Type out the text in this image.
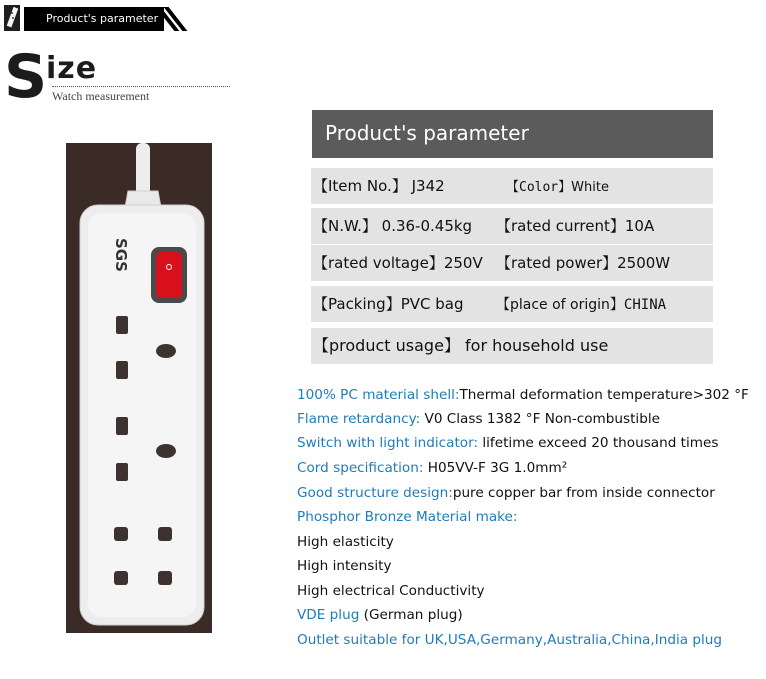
Product's parameter
S
ize
Watch measurement
SGS
Product's parameter
【Item No.】 J342	【Color】White
【N.W.】 0.36-0.45kg 【rated current】10A
【rated voltage】250V 【rated power】2500W
【Packing】PVC bag 【place of origin】CHINA
【product usage】 for household use
100% PC material shell:Thermal deformation temperature>302 °F
Flame retardancy: V0 Class 1382 °F Non-combustible
Switch with light indicator: lifetime exceed 20 thousand times
Cord specification: H05VV-F 3G 1.0mm²
Good structure design:pure copper bar from inside connector
Phosphor Bronze Material make:
High elasticity
High intensity
High electrical Conductivity
VDE plug (German plug)
Outlet suitable for UK,USA,Germany,Australia,China,India plug
